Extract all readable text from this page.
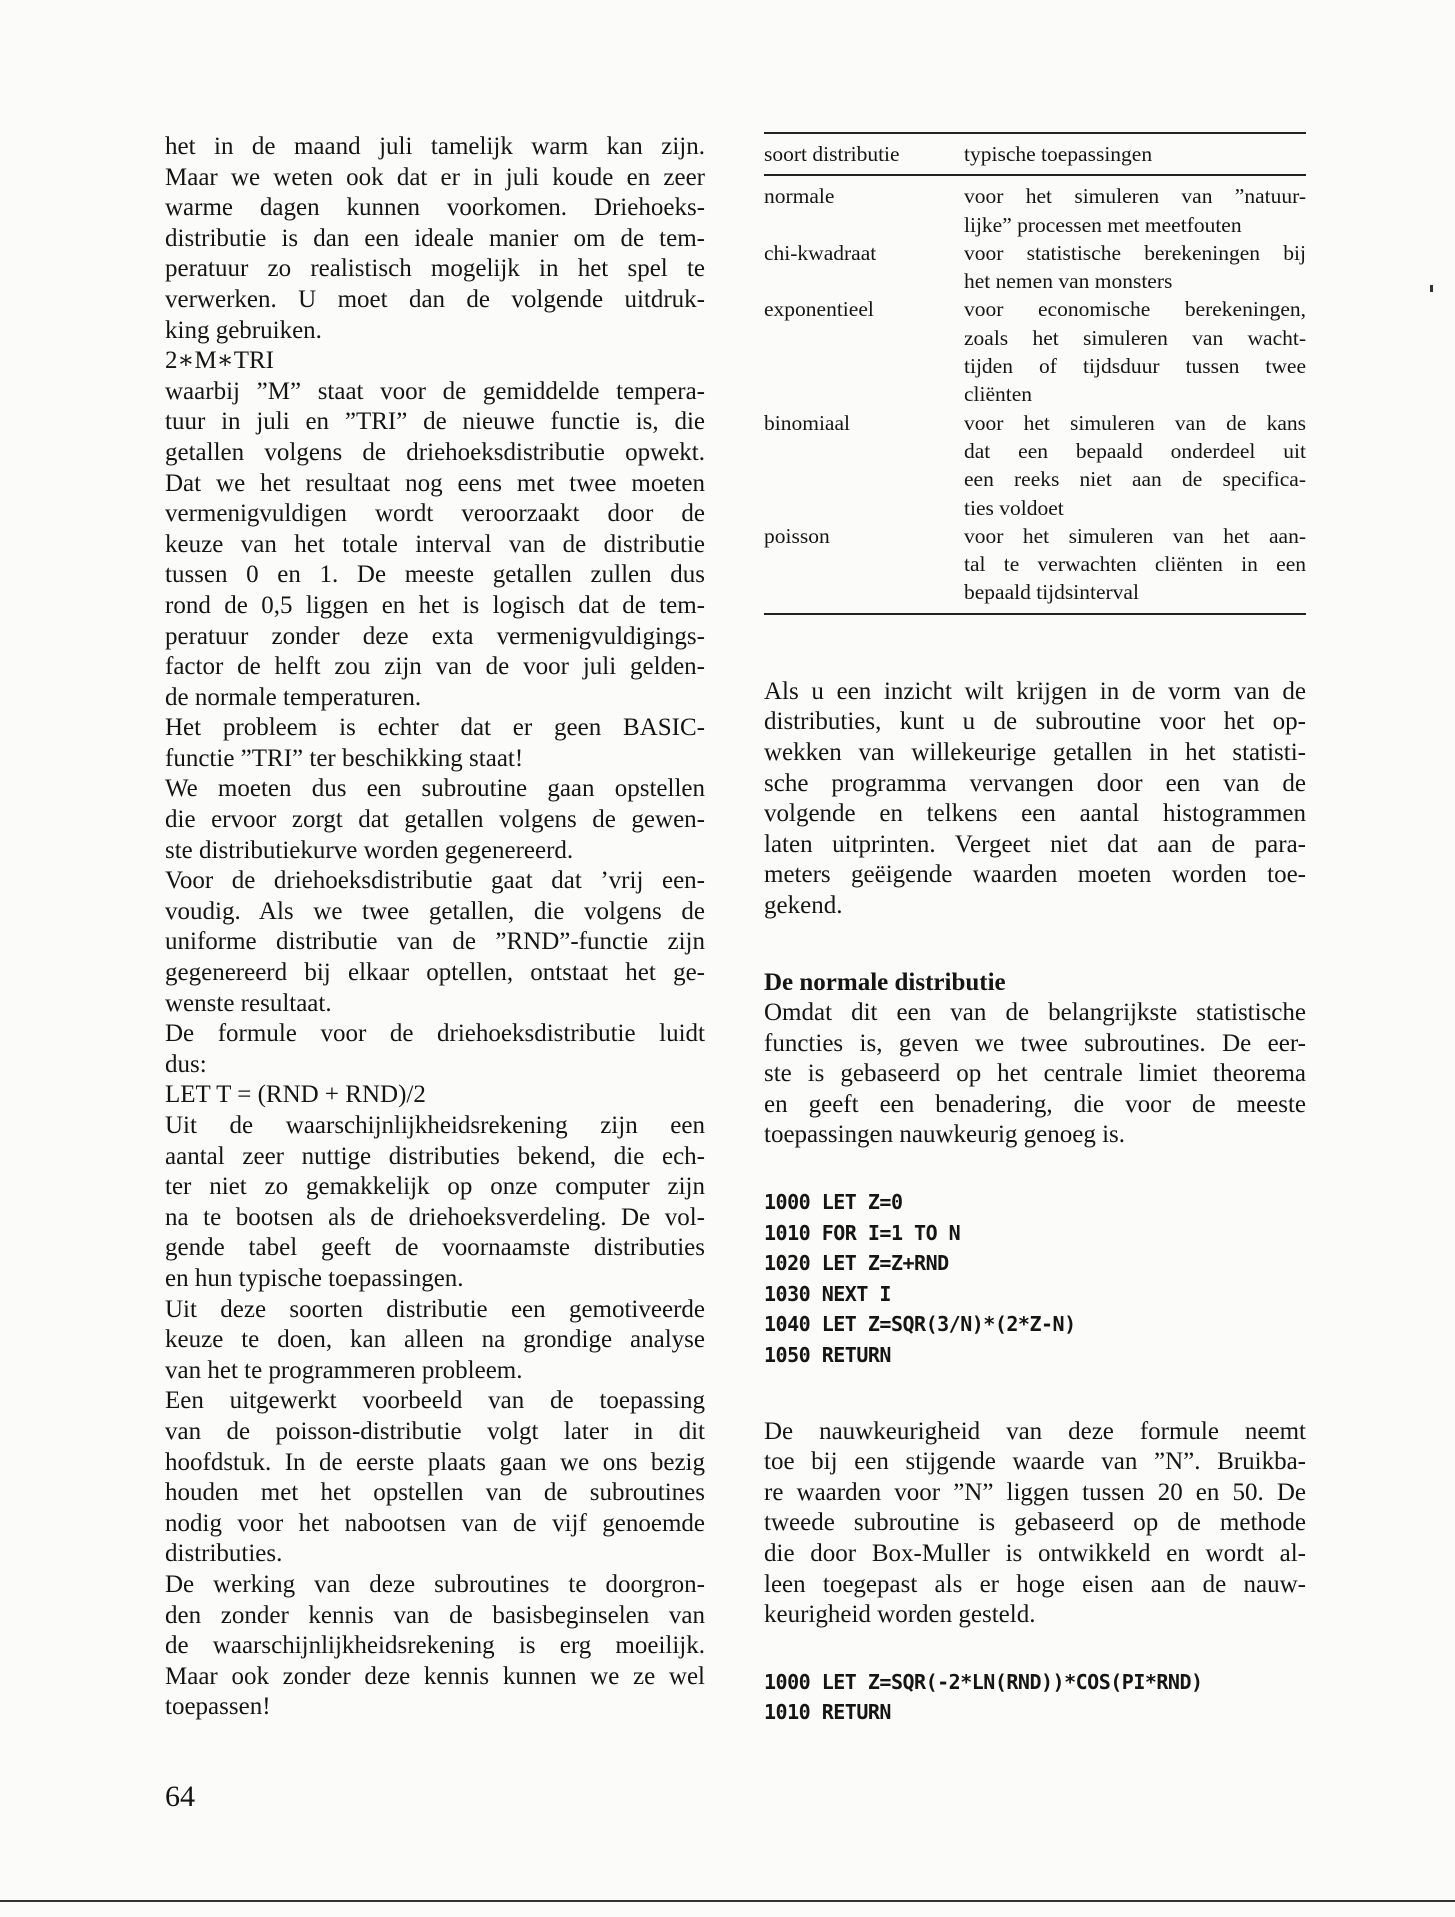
het in de maand juli tamelijk warm kan zijn.
Maar we weten ook dat er in juli koude en zeer
warme dagen kunnen voorkomen. Driehoeks-
distributie is dan een ideale manier om de tem-
peratuur zo realistisch mogelijk in het spel te
verwerken. U moet dan de volgende uitdruk-
king gebruiken.
2∗M∗TRI
waarbij ”M” staat voor de gemiddelde tempera-
tuur in juli en ”TRI” de nieuwe functie is, die
getallen volgens de driehoeksdistributie opwekt.
Dat we het resultaat nog eens met twee moeten
vermenigvuldigen wordt veroorzaakt door de
keuze van het totale interval van de distributie
tussen 0 en 1. De meeste getallen zullen dus
rond de 0,5 liggen en het is logisch dat de tem-
peratuur zonder deze exta vermenigvuldigings-
factor de helft zou zijn van de voor juli gelden-
de normale temperaturen.
Het probleem is echter dat er geen BASIC-
functie ”TRI” ter beschikking staat!
We moeten dus een subroutine gaan opstellen
die ervoor zorgt dat getallen volgens de gewen-
ste distributiekurve worden gegenereerd.
Voor de driehoeksdistributie gaat dat ’vrij een-
voudig. Als we twee getallen, die volgens de
uniforme distributie van de ”RND”-functie zijn
gegenereerd bij elkaar optellen, ontstaat het ge-
wenste resultaat.
De formule voor de driehoeksdistributie luidt
dus:
LET T = (RND + RND)/2
Uit de waarschijnlijkheidsrekening zijn een
aantal zeer nuttige distributies bekend, die ech-
ter niet zo gemakkelijk op onze computer zijn
na te bootsen als de driehoeksverdeling. De vol-
gende tabel geeft de voornaamste distributies
en hun typische toepassingen.
Uit deze soorten distributie een gemotiveerde
keuze te doen, kan alleen na grondige analyse
van het te programmeren probleem.
Een uitgewerkt voorbeeld van de toepassing
van de poisson-distributie volgt later in dit
hoofdstuk. In de eerste plaats gaan we ons bezig
houden met het opstellen van de subroutines
nodig voor het nabootsen van de vijf genoemde
distributies.
De werking van deze subroutines te doorgron-
den zonder kennis van de basisbeginselen van
de waarschijnlijkheidsrekening is erg moeilijk.
Maar ook zonder deze kennis kunnen we ze wel
toepassen!
soort distributie	typische toepassingen
normale	voor het simuleren van ”natuur-
lijke” processen met meetfouten

chi-kwadraat	voor statistische berekeningen bij
het nemen van monsters

exponentieel	voor economische berekeningen,
zoals het simuleren van wacht-
tijden of tijdsduur tussen twee
cliënten

binomiaal	voor het simuleren van de kans
dat een bepaald onderdeel uit
een reeks niet aan de specifica-
ties voldoet

poisson	voor het simuleren van het aan-
tal te verwachten cliënten in een
bepaald tijdsinterval
Als u een inzicht wilt krijgen in de vorm van de
distributies, kunt u de subroutine voor het op-
wekken van willekeurige getallen in het statisti-
sche programma vervangen door een van de
volgende en telkens een aantal histogrammen
laten uitprinten. Vergeet niet dat aan de para-
meters geëigende waarden moeten worden toe-
gekend.
De normale distributie
Omdat dit een van de belangrijkste statistische
functies is, geven we twee subroutines. De eer-
ste is gebaseerd op het centrale limiet theorema
en geeft een benadering, die voor de meeste
toepassingen nauwkeurig genoeg is.
1000 LET Z=0
1010 FOR I=1 TO N
1020 LET Z=Z+RND
1030 NEXT I
1040 LET Z=SQR(3/N)*(2*Z-N)
1050 RETURN
De nauwkeurigheid van deze formule neemt
toe bij een stijgende waarde van ”N”. Bruikba-
re waarden voor ”N” liggen tussen 20 en 50. De
tweede subroutine is gebaseerd op de methode
die door Box-Muller is ontwikkeld en wordt al-
leen toegepast als er hoge eisen aan de nauw-
keurigheid worden gesteld.
1000 LET Z=SQR(-2*LN(RND))*COS(PI*RND)
1010 RETURN
64
